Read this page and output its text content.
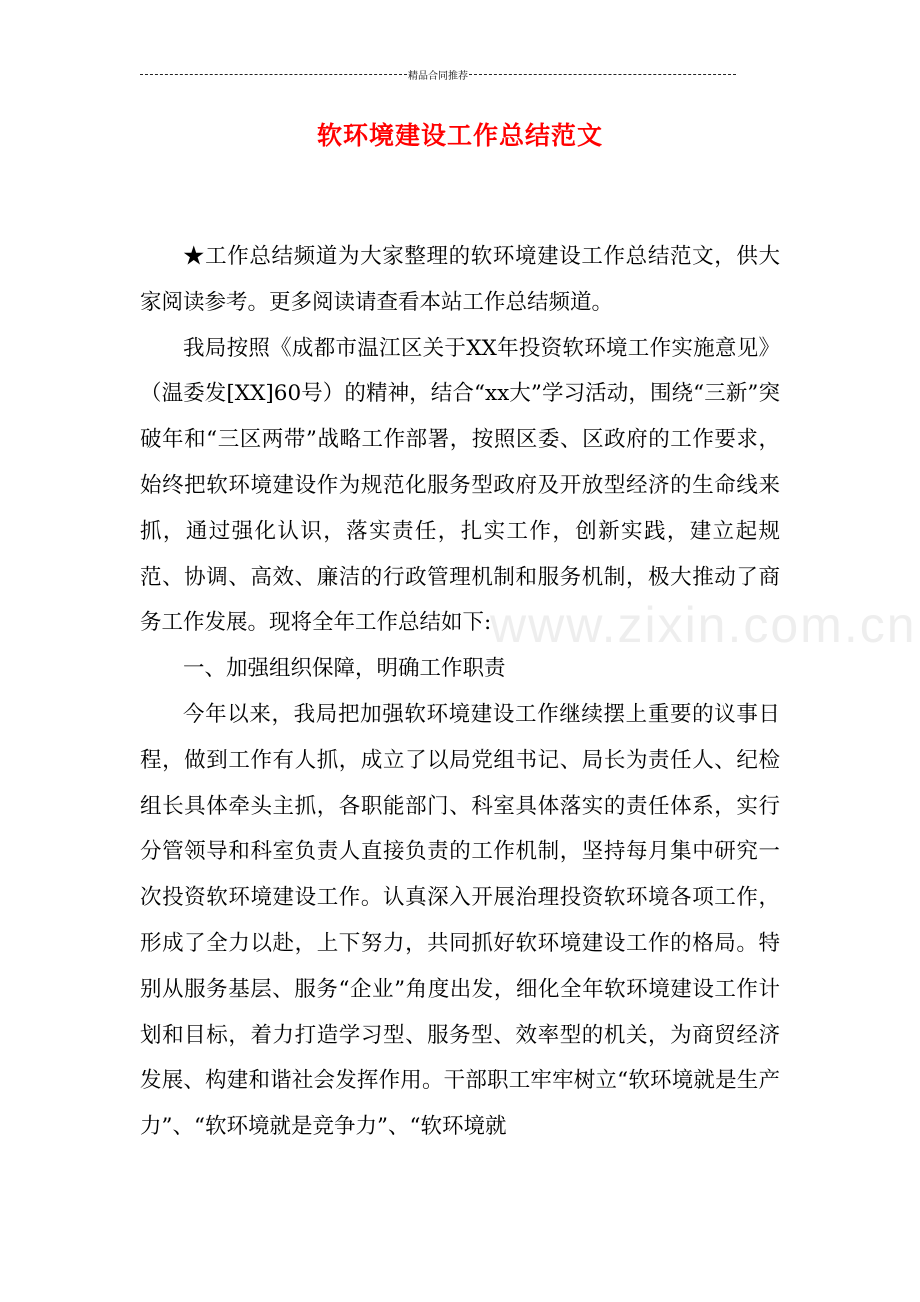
精品合同推荐
软环境建设工作总结范文

★工作总结频道为大家整理的软环境建设工作总结范文，供大家阅读参考。更多阅读请查看本站工作总结频道。

我局按照《成都市温江区关于XX年投资软环境工作实施意见》（温委发[XX]60号）的精神，结合“xx大”学习活动，围绕“三新”突破年和“三区两带”战略工作部署，按照区委、区政府的工作要求，始终把软环境建设作为规范化服务型政府及开放型经济的生命线来抓，通过强化认识，落实责任，扎实工作，创新实践，建立起规范、协调、高效、廉洁的行政管理机制和服务机制，极大推动了商务工作发展。现将全年工作总结如下:

一、加强组织保障，明确工作职责

今年以来，我局把加强软环境建设工作继续摆上重要的议事日程，做到工作有人抓，成立了以局党组书记、局长为责任人、纪检组长具体牵头主抓，各职能部门、科室具体落实的责任体系，实行分管领导和科室负责人直接负责的工作机制，坚持每月集中研究一次投资软环境建设工作。认真深入开展治理投资软环境各项工作，形成了全力以赴，上下努力，共同抓好软环境建设工作的格局。特别从服务基层、服务“企业”角度出发，细化全年软环境建设工作计划和目标，着力打造学习型、服务型、效率型的机关，为商贸经济发展、构建和谐社会发挥作用。干部职工牢牢树立“软环境就是生产力”、“软环境就是竞争力”、“软环境就

www.zixin.com.cn
